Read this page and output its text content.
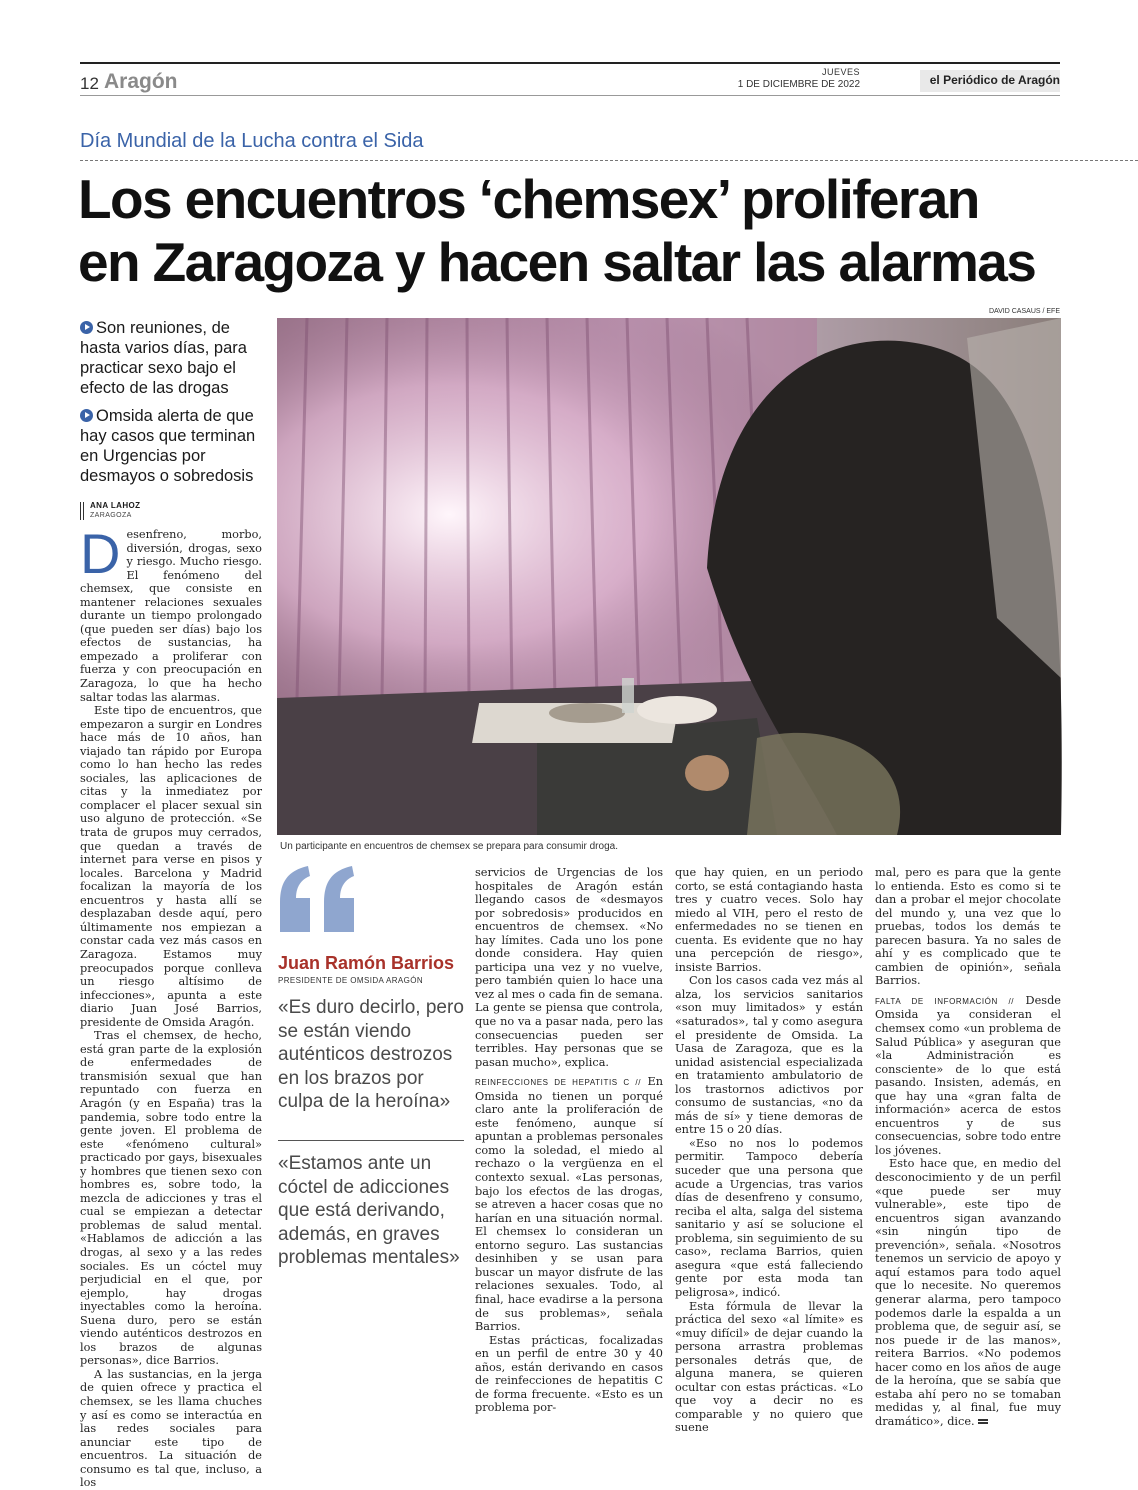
12 Aragón	JUEVES
1 DE DICIEMBRE DE 2022	el Periódico de Aragón
Día Mundial de la Lucha contra el Sida
Los encuentros ‘chemsex’ proliferan
en Zaragoza y hacen saltar las alarmas
Son reuniones, de hasta varios días, para practicar sexo bajo el efecto de las drogas
Omsida alerta de que hay casos que terminan en Urgencias por desmayos o sobredosis
ANA LAHOZ
ZARAGOZA
DAVID CASAUS / EFE
Un participante en encuentros de chemsex se prepara para consumir droga.

Desenfreno, morbo, diversión, drogas, sexo y riesgo. Mucho riesgo. El fenómeno del chemsex, que consiste en mantener relaciones sexuales durante un tiempo prolongado (que pueden ser días) bajo los efectos de sustancias, ha empezado a proliferar con fuerza y con preocupación en Zaragoza, lo que ha hecho saltar todas las alarmas.

Este tipo de encuentros, que empezaron a surgir en Londres hace más de 10 años, han viajado tan rápido por Europa como lo han hecho las redes sociales, las aplicaciones de citas y la inmediatez por complacer el placer sexual sin uso alguno de protección. «Se trata de grupos muy cerrados, que quedan a través de internet para verse en pisos y locales. Barcelona y Madrid focalizan la mayoría de los encuentros y hasta allí se desplazaban desde aquí, pero últimamente nos empiezan a constar cada vez más casos en Zaragoza. Estamos muy preocupados porque conlleva un riesgo altísimo de infecciones», apunta a este diario Juan José Barrios, presidente de Omsida Aragón.

Tras el chemsex, de hecho, está gran parte de la explosión de enfermedades de transmisión sexual que han repuntado con fuerza en Aragón (y en España) tras la pandemia, sobre todo entre la gente joven. El problema de este «fenómeno cultural» practicado por gays, bisexuales y hombres que tienen sexo con hombres es, sobre todo, la mezcla de adicciones y tras el cual se empiezan a detectar problemas de salud mental. «Hablamos de adicción a las drogas, al sexo y a las redes sociales. Es un cóctel muy perjudicial en el que, por ejemplo, hay drogas inyectables como la heroína. Suena duro, pero se están viendo auténticos destrozos en los brazos de algunas personas», dice Barrios.

A las sustancias, en la jerga de quien ofrece y practica el chemsex, se les llama chuches y así es como se interactúa en las redes sociales para anunciar este tipo de encuentros. La situación de consumo es tal que, incluso, a los

Juan Ramón Barrios
PRESIDENTE DE OMSIDA ARAGÓN
«Es duro decirlo, pero se están viendo auténticos destrozos en los brazos por culpa de la heroína»
«Estamos ante un cóctel de adicciones que está derivando, además, en graves problemas mentales»

servicios de Urgencias de los hospitales de Aragón están llegando casos de «desmayos por sobredosis» producidos en encuentros de chemsex. «No hay límites. Cada uno los pone donde considera. Hay quien participa una vez y no vuelve, pero también quien lo hace una vez al mes o cada fin de semana. La gente se piensa que controla, que no va a pasar nada, pero las consecuencias pueden ser terribles. Hay personas que se pasan mucho», explica.

REINFECCIONES DE HEPATITIS C // En Omsida no tienen un porqué claro ante la proliferación de este fenómeno, aunque sí apuntan a problemas personales como la soledad, el miedo al rechazo o la vergüenza en el contexto sexual. «Las personas, bajo los efectos de las drogas, se atreven a hacer cosas que no harían en una situación normal. El chemsex lo consideran un entorno seguro. Las sustancias desinhiben y se usan para buscar un mayor disfrute de las relaciones sexuales. Todo, al final, hace evadirse a la persona de sus problemas», señala Barrios.

Estas prácticas, focalizadas en un perfil de entre 30 y 40 años, están derivando en casos de reinfecciones de hepatitis C de forma frecuente. «Esto es un problema por-

que hay quien, en un periodo corto, se está contagiando hasta tres y cuatro veces. Solo hay miedo al VIH, pero el resto de enfermedades no se tienen en cuenta. Es evidente que no hay una percepción de riesgo», insiste Barrios.

Con los casos cada vez más al alza, los servicios sanitarios «son muy limitados» y están «saturados», tal y como asegura el presidente de Omsida. La Uasa de Zaragoza, que es la unidad asistencial especializada en tratamiento ambulatorio de los trastornos adictivos por consumo de sustancias, «no da más de sí» y tiene demoras de entre 15 o 20 días.

«Eso no nos lo podemos permitir. Tampoco debería suceder que una persona que acude a Urgencias, tras varios días de desenfreno y consumo, reciba el alta, salga del sistema sanitario y así se solucione el problema, sin seguimiento de su caso», reclama Barrios, quien asegura «que está falleciendo gente por esta moda tan peligrosa», indicó.

Esta fórmula de llevar la práctica del sexo «al límite» es «muy difícil» de dejar cuando la persona arrastra problemas personales detrás que, de alguna manera, se quieren ocultar con estas prácticas. «Lo que voy a decir no es comparable y no quiero que suene

mal, pero es para que la gente lo entienda. Esto es como si te dan a probar el mejor chocolate del mundo y, una vez que lo pruebas, todos los demás te parecen basura. Ya no sales de ahí y es complicado que te cambien de opinión», señala Barrios.

FALTA DE INFORMACIÓN // Desde Omsida ya consideran el chemsex como «un problema de Salud Pública» y aseguran que «la Administración es consciente» de lo que está pasando. Insisten, además, en que hay una «gran falta de información» acerca de estos encuentros y de sus consecuencias, sobre todo entre los jóvenes.

Esto hace que, en medio del desconocimiento y de un perfil «que puede ser muy vulnerable», este tipo de encuentros sigan avanzando «sin ningún tipo de prevención», señala. «Nosotros tenemos un servicio de apoyo y aquí estamos para todo aquel que lo necesite. No queremos generar alarma, pero tampoco podemos darle la espalda a un problema que, de seguir así, se nos puede ir de las manos», reitera Barrios. «No podemos hacer como en los años de auge de la heroína, que se sabía que estaba ahí pero no se tomaban medidas y, al final, fue muy dramático», dice.
